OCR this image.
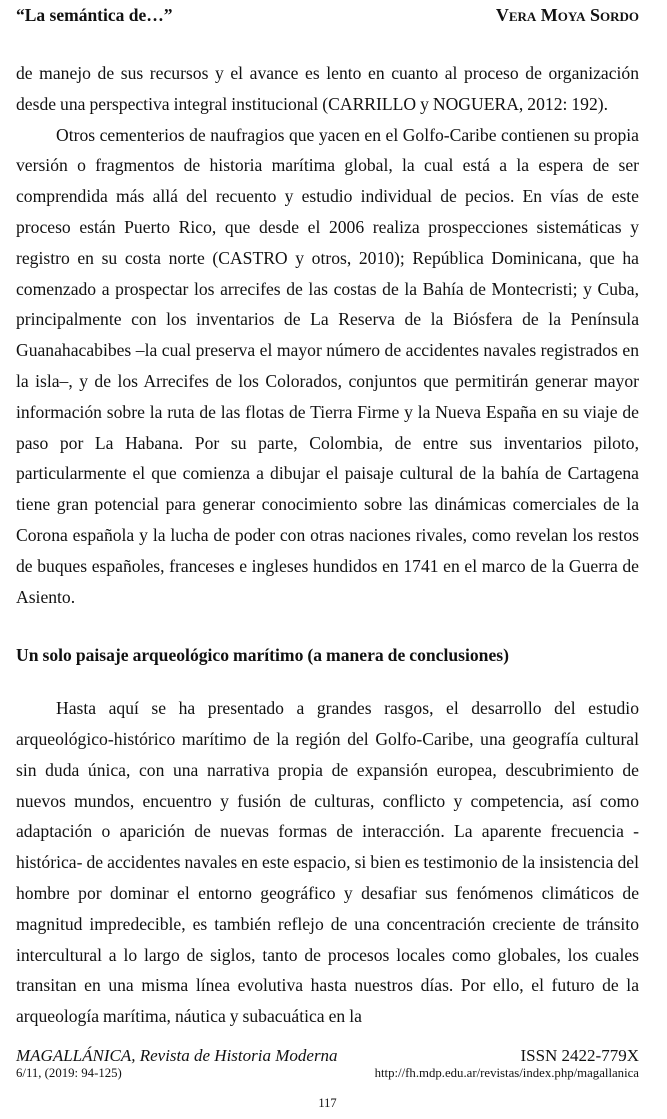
“La semántica de…”	Vera Moya Sordo

de manejo de sus recursos y el avance es lento en cuanto al proceso de organización desde una perspectiva integral institucional (CARRILLO y NOGUERA, 2012: 192).

Otros cementerios de naufragios que yacen en el Golfo-Caribe contienen su propia versión o fragmentos de historia marítima global, la cual está a la espera de ser comprendida más allá del recuento y estudio individual de pecios. En vías de este proceso están Puerto Rico, que desde el 2006 realiza prospecciones sistemáticas y registro en su costa norte (CASTRO y otros, 2010); República Dominicana, que ha comenzado a prospectar los arrecifes de las costas de la Bahía de Montecristi; y Cuba, principalmente con los inventarios de La Reserva de la Biósfera de la Península Guanahacabibes –la cual preserva el mayor número de accidentes navales registrados en la isla–, y de los Arrecifes de los Colorados, conjuntos que permitirán generar mayor información sobre la ruta de las flotas de Tierra Firme y la Nueva España en su viaje de paso por La Habana. Por su parte, Colombia, de entre sus inventarios piloto, particularmente el que comienza a dibujar el paisaje cultural de la bahía de Cartagena tiene gran potencial para generar conocimiento sobre las dinámicas comerciales de la Corona española y la lucha de poder con otras naciones rivales, como revelan los restos de buques españoles, franceses e ingleses hundidos en 1741 en el marco de la Guerra de Asiento.

Un solo paisaje arqueológico marítimo (a manera de conclusiones)

Hasta aquí se ha presentado a grandes rasgos, el desarrollo del estudio arqueológico-histórico marítimo de la región del Golfo-Caribe, una geografía cultural sin duda única, con una narrativa propia de expansión europea, descubrimiento de nuevos mundos, encuentro y fusión de culturas, conflicto y competencia, así como adaptación o aparición de nuevas formas de interacción. La aparente frecuencia -histórica- de accidentes navales en este espacio, si bien es testimonio de la insistencia del hombre por dominar el entorno geográfico y desafiar sus fenómenos climáticos de magnitud impredecible, es también reflejo de una concentración creciente de tránsito intercultural a lo largo de siglos, tanto de procesos locales como globales, los cuales transitan en una misma línea evolutiva hasta nuestros días. Por ello, el futuro de la arqueología marítima, náutica y subacuática en la

MAGALLÁNICA, Revista de Historia Moderna	ISSN 2422-779X
6/11, (2019: 94-125)	http://fh.mdp.edu.ar/revistas/index.php/magallanica
117
